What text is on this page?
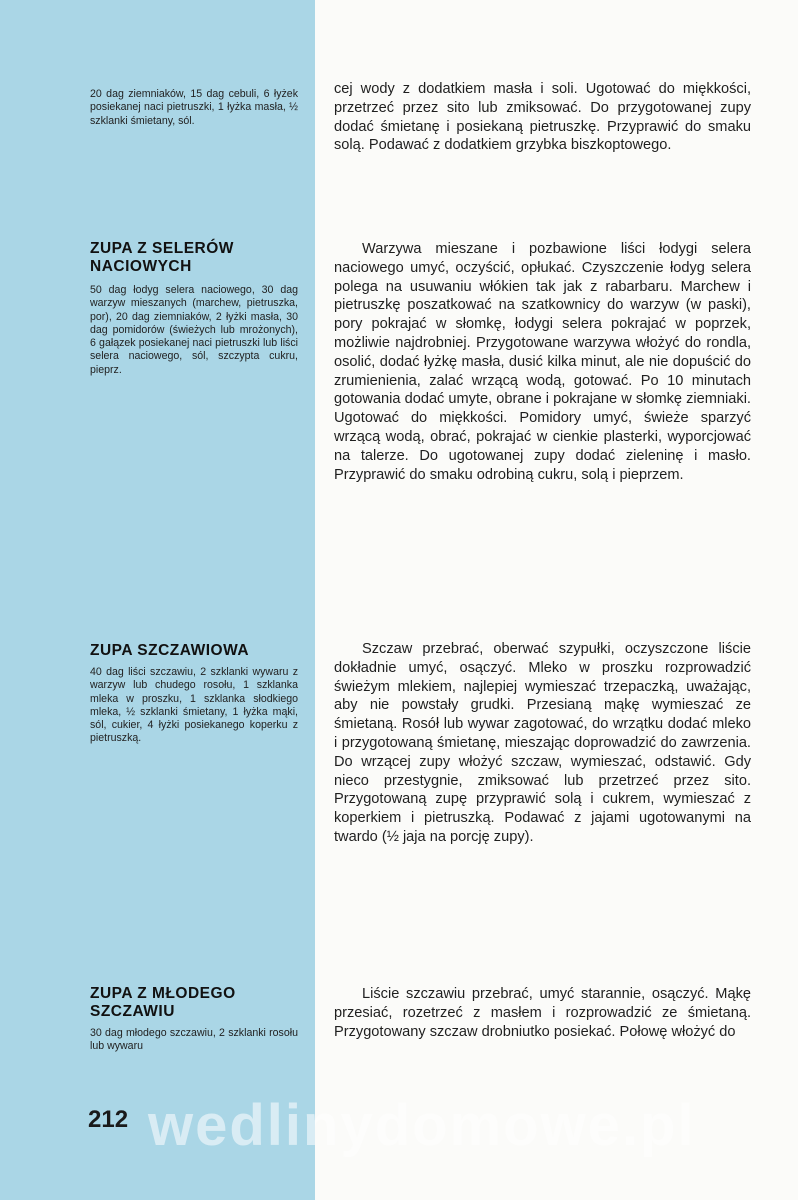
20 dag ziemniaków, 15 dag cebuli, 6 łyżek posiekanej naci pietruszki, 1 łyżka masła, ½ szklanki śmietany, sól.
cej wody z dodatkiem masła i soli. Ugotować do miękkości, przetrzeć przez sito lub zmiksować. Do przygotowanej zupy dodać śmietanę i posiekaną pietruszkę. Przyprawić do smaku solą. Podawać z dodatkiem grzybka biszkoptowego.
ZUPA Z SELERÓW NACIOWYCH
50 dag łodyg selera naciowego, 30 dag warzyw mieszanych (marchew, pietruszka, por), 20 dag ziemniaków, 2 łyżki masła, 30 dag pomidorów (świeżych lub mrożonych), 6 gałązek posiekanej naci pietruszki lub liści selera naciowego, sól, szczypta cukru, pieprz.
Warzywa mieszane i pozbawione liści łodygi selera naciowego umyć, oczyścić, opłukać. Czyszczenie łodyg selera polega na usuwaniu włókien tak jak z rabarbaru. Marchew i pietruszkę poszatkować na szatkownicy do warzyw (w paski), pory pokrajać w słomkę, łodygi selera pokrajać w poprzek, możliwie najdrobniej. Przygotowane warzywa włożyć do rondla, osolić, dodać łyżkę masła, dusić kilka minut, ale nie dopuścić do zrumienienia, zalać wrzącą wodą, gotować. Po 10 minutach gotowania dodać umyte, obrane i pokrajane w słomkę ziemniaki. Ugotować do miękkości. Pomidory umyć, świeże sparzyć wrzącą wodą, obrać, pokrajać w cienkie plasterki, wyporcjować na talerze. Do ugotowanej zupy dodać zieleninę i masło. Przyprawić do smaku odrobiną cukru, solą i pieprzem.
ZUPA SZCZAWIOWA
40 dag liści szczawiu, 2 szklanki wywaru z warzyw lub chudego rosołu, 1 szklanka mleka w proszku, 1 szklanka słodkiego mleka, ½ szklanki śmietany, 1 łyżka mąki, sól, cukier, 4 łyżki posiekanego koperku z pietruszką.
Szczaw przebrać, oberwać szypułki, oczyszczone liście dokładnie umyć, osączyć. Mleko w proszku rozprowadzić świeżym mlekiem, najlepiej wymieszać trzepaczką, uważając, aby nie powstały grudki. Przesianą mąkę wymieszać ze śmietaną. Rosół lub wywar zagotować, do wrzątku dodać mleko i przygotowaną śmietanę, mieszając doprowadzić do zawrzenia. Do wrzącej zupy włożyć szczaw, wymieszać, odstawić. Gdy nieco przestygnie, zmiksować lub przetrzeć przez sito. Przygotowaną zupę przyprawić solą i cukrem, wymieszać z koperkiem i pietruszką. Podawać z jajami ugotowanymi na twardo (½ jaja na porcję zupy).
ZUPA Z MŁODEGO SZCZAWIU
30 dag młodego szczawiu, 2 szklanki rosołu lub wywaru
Liście szczawiu przebrać, umyć starannie, osączyć. Mąkę przesiać, rozetrzeć z masłem i rozprowadzić ze śmietaną. Przygotowany szczaw drobniutko posiekać. Połowę włożyć do
212 wedlinydomowe.pl
